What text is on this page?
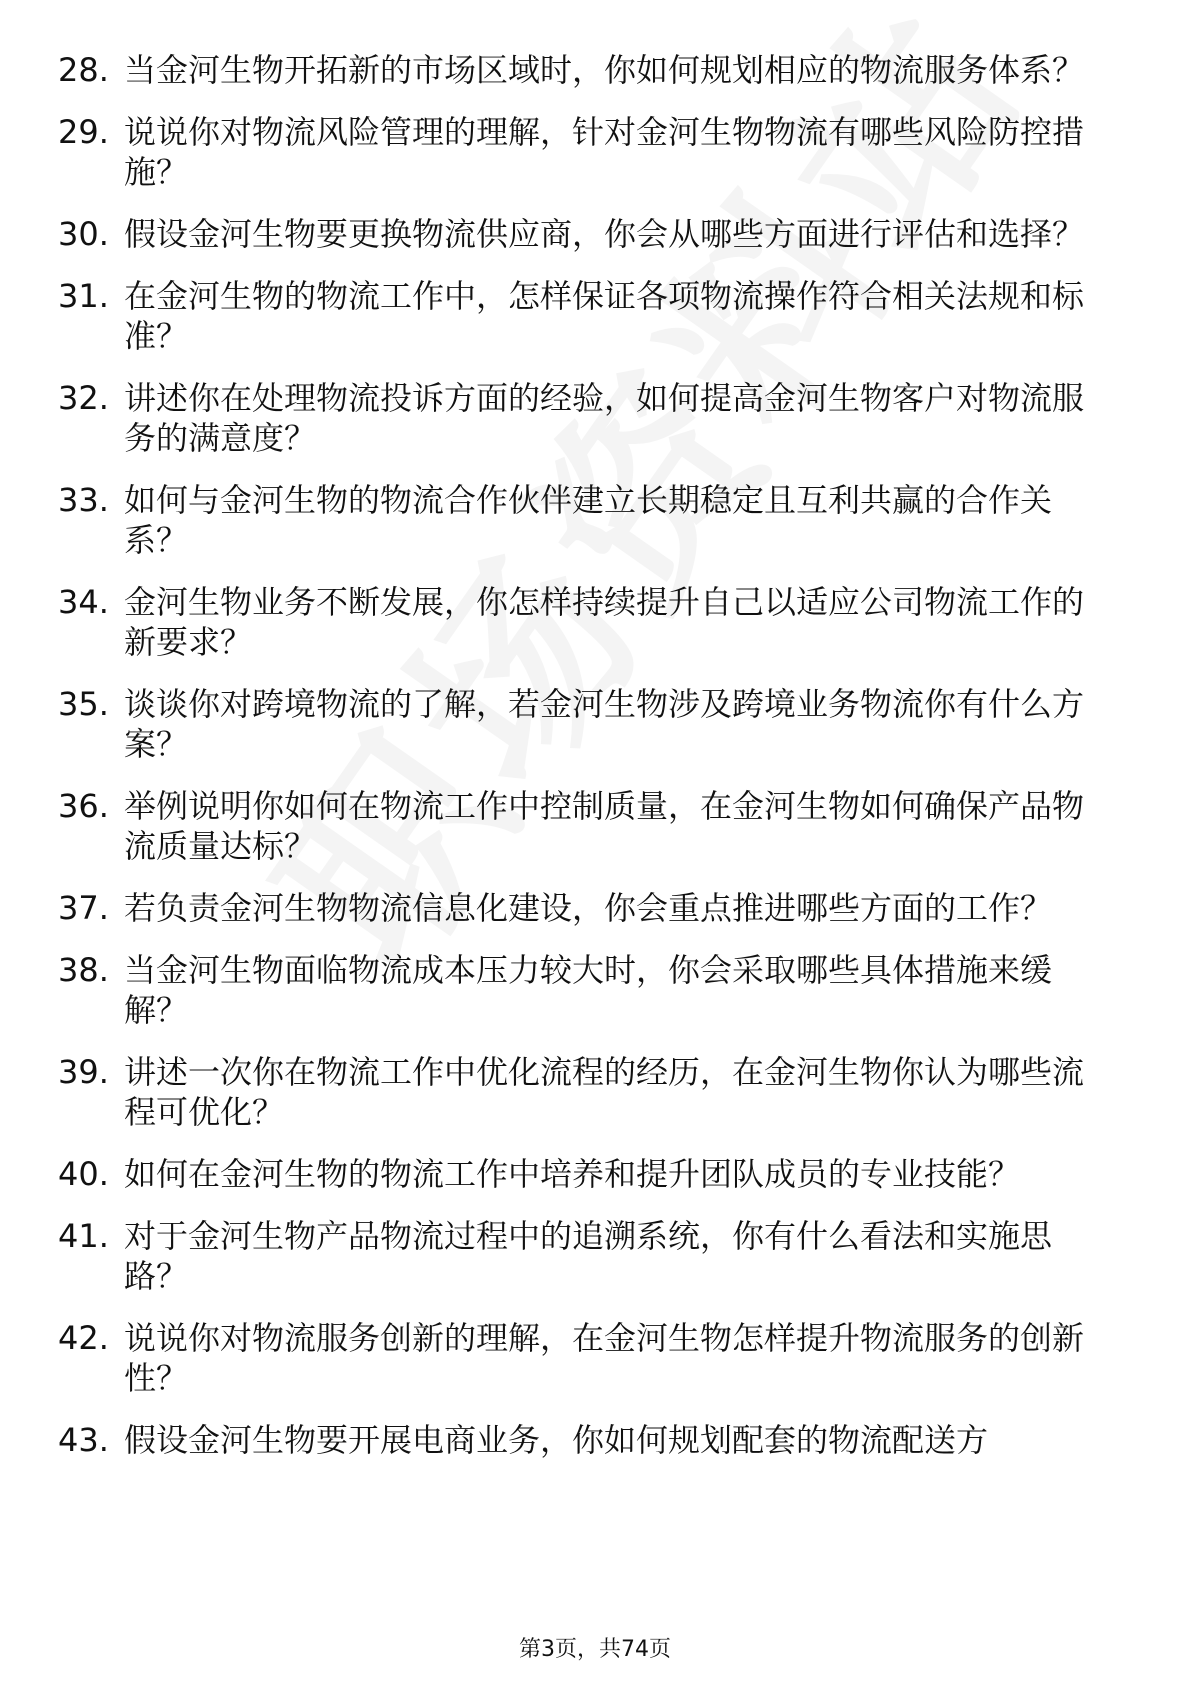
28. 当金河生物开拓新的市场区域时，你如何规划相应的物流服务体系？
29. 说说你对物流风险管理的理解，针对金河生物物流有哪些风险防控措施？
30. 假设金河生物要更换物流供应商，你会从哪些方面进行评估和选择？
31. 在金河生物的物流工作中，怎样保证各项物流操作符合相关法规和标准？
32. 讲述你在处理物流投诉方面的经验，如何提高金河生物客户对物流服务的满意度？
33. 如何与金河生物的物流合作伙伴建立长期稳定且互利共赢的合作关系？
34. 金河生物业务不断发展，你怎样持续提升自己以适应公司物流工作的新要求？
35. 谈谈你对跨境物流的了解，若金河生物涉及跨境业务物流你有什么方案？
36. 举例说明你如何在物流工作中控制质量，在金河生物如何确保产品物流质量达标？
37. 若负责金河生物物流信息化建设，你会重点推进哪些方面的工作？
38. 当金河生物面临物流成本压力较大时，你会采取哪些具体措施来缓解？
39. 讲述一次你在物流工作中优化流程的经历，在金河生物你认为哪些流程可优化？
40. 如何在金河生物的物流工作中培养和提升团队成员的专业技能？
41. 对于金河生物产品物流过程中的追溯系统，你有什么看法和实施思路？
42. 说说你对物流服务创新的理解，在金河生物怎样提升物流服务的创新性？
43. 假设金河生物要开展电商业务，你如何规划配套的物流配送方
第3页，共74页
